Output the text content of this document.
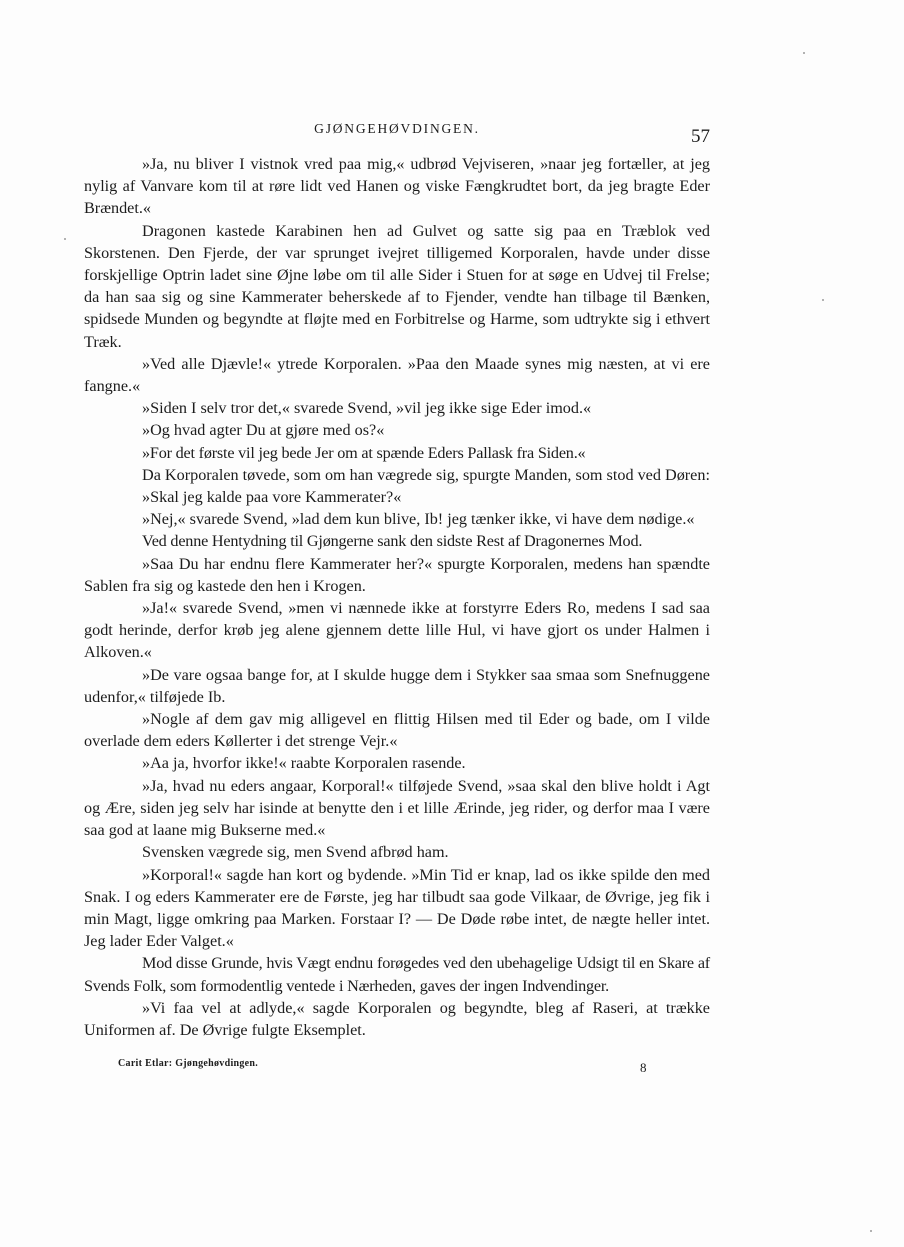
GJØNGEHØVDINGEN.	57

»Ja, nu bliver I vistnok vred paa mig,« udbrød Vejviseren, »naar jeg fortæller, at jeg nylig af Vanvare kom til at røre lidt ved Hanen og viske Fængkrudtet bort, da jeg bragte Eder Brændet.«

Dragonen kastede Karabinen hen ad Gulvet og satte sig paa en Træblok ved Skorstenen. Den Fjerde, der var sprunget ivejret tilligemed Korporalen, havde under disse forskjellige Optrin ladet sine Øjne løbe om til alle Sider i Stuen for at søge en Udvej til Frelse; da han saa sig og sine Kammerater beherskede af to Fjender, vendte han tilbage til Bænken, spidsede Munden og begyndte at fløjte med en Forbitrelse og Harme, som udtrykte sig i ethvert Træk.

»Ved alle Djævle!« ytrede Korporalen. »Paa den Maade synes mig næsten, at vi ere fangne.«

»Siden I selv tror det,« svarede Svend, »vil jeg ikke sige Eder imod.«

»Og hvad agter Du at gjøre med os?«

»For det første vil jeg bede Jer om at spænde Eders Pallask fra Siden.«

Da Korporalen tøvede, som om han vægrede sig, spurgte Manden, som stod ved Døren:

»Skal jeg kalde paa vore Kammerater?«

»Nej,« svarede Svend, »lad dem kun blive, Ib! jeg tænker ikke, vi have dem nødige.«

Ved denne Hentydning til Gjøngerne sank den sidste Rest af Dragonernes Mod.

»Saa Du har endnu flere Kammerater her?« spurgte Korporalen, medens han spændte Sablen fra sig og kastede den hen i Krogen.

»Ja!« svarede Svend, »men vi nænnede ikke at forstyrre Eders Ro, medens I sad saa godt herinde, derfor krøb jeg alene gjennem dette lille Hul, vi have gjort os under Halmen i Alkoven.«

»De vare ogsaa bange for, at I skulde hugge dem i Stykker saa smaa som Snefnuggene udenfor,« tilføjede Ib.

»Nogle af dem gav mig alligevel en flittig Hilsen med til Eder og bade, om I vilde overlade dem eders Køllerter i det strenge Vejr.«

»Aa ja, hvorfor ikke!« raabte Korporalen rasende.

»Ja, hvad nu eders angaar, Korporal!« tilføjede Svend, »saa skal den blive holdt i Agt og Ære, siden jeg selv har isinde at benytte den i et lille Ærinde, jeg rider, og derfor maa I være saa god at laane mig Bukserne med.«

Svensken vægrede sig, men Svend afbrød ham.

»Korporal!« sagde han kort og bydende. »Min Tid er knap, lad os ikke spilde den med Snak. I og eders Kammerater ere de Første, jeg har tilbudt saa gode Vilkaar, de Øvrige, jeg fik i min Magt, ligge omkring paa Marken. Forstaar I? — De Døde røbe intet, de nægte heller intet. Jeg lader Eder Valget.«

Mod disse Grunde, hvis Vægt endnu forøgedes ved den ubehagelige Udsigt til en Skare af Svends Folk, som formodentlig ventede i Nærheden, gaves der ingen Indvendinger.

»Vi faa vel at adlyde,« sagde Korporalen og begyndte, bleg af Raseri, at trække Uniformen af. De Øvrige fulgte Eksemplet.

Carit Etlar: Gjøngehøvdingen.	8
